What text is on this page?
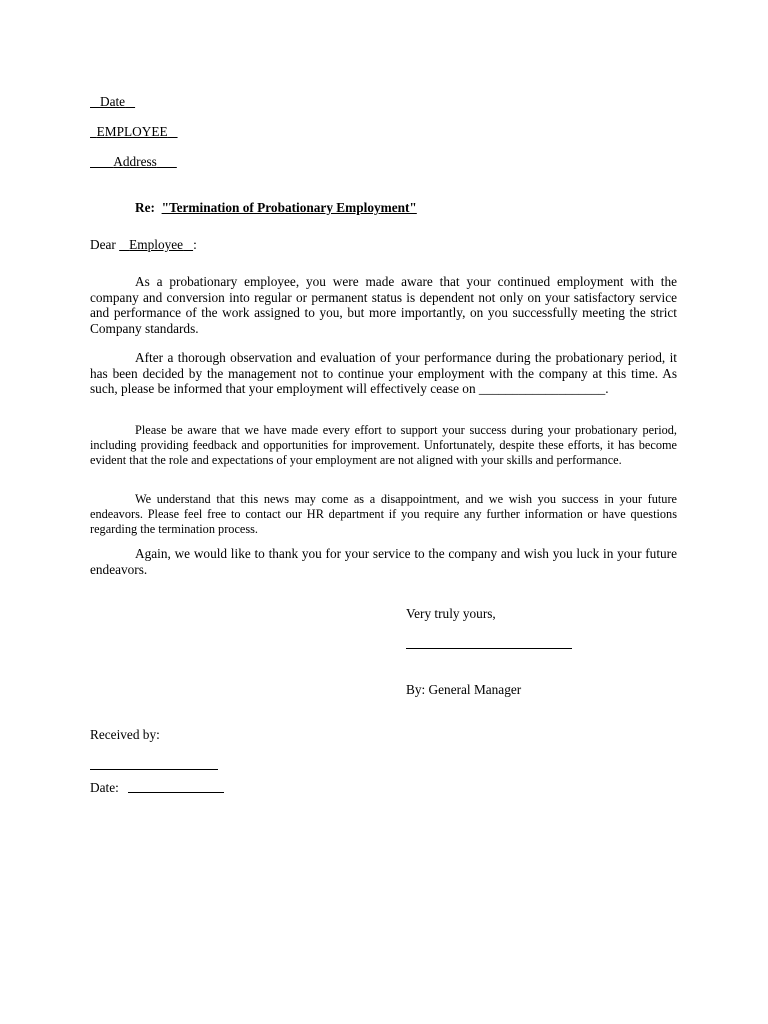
Date
EMPLOYEE
Address
Re: "Termination of Probationary Employment"
Dear Employee :
As a probationary employee, you were made aware that your continued employment with the company and conversion into regular or permanent status is dependent not only on your satisfactory service and performance of the work assigned to you, but more importantly, on you successfully meeting the strict Company standards.
After a thorough observation and evaluation of your performance during the probationary period, it has been decided by the management not to continue your employment with the company at this time. As such, please be informed that your employment will effectively cease on ___________________.
Please be aware that we have made every effort to support your success during your probationary period, including providing feedback and opportunities for improvement. Unfortunately, despite these efforts, it has become evident that the role and expectations of your employment are not aligned with your skills and performance.
We understand that this news may come as a disappointment, and we wish you success in your future endeavors. Please feel free to contact our HR department if you require any further information or have questions regarding the termination process.
Again, we would like to thank you for your service to the company and wish you luck in your future endeavors.
Very truly yours,
By: General Manager
Received by:
Date:
